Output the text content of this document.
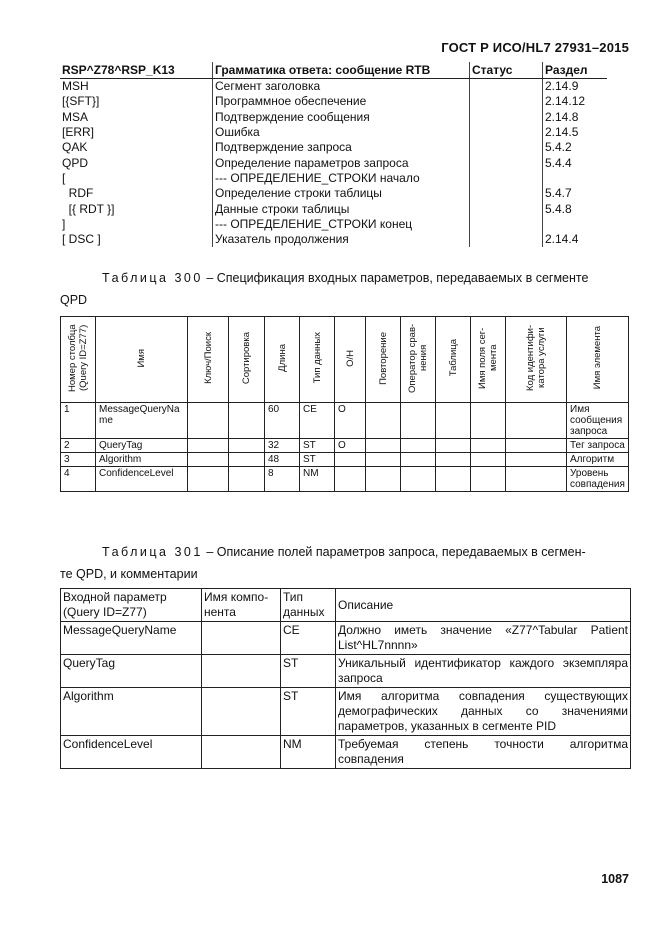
ГОСТ Р ИСО/HL7 27931–2015
RSP^Z78^RSP_K13	Грамматика ответа: сообщение RTB	Статус	Раздел
MSH	Сегмент заголовка		2.14.9
[{SFT}]	Программное обеспечение		2.14.12
MSA	Подтверждение сообщения		2.14.8
[ERR]	Ошибка		2.14.5
QAK	Подтверждение запроса		5.4.2
QPD	Определение параметров запроса		5.4.4
[	--- ОПРЕДЕЛЕНИЕ_СТРОКИ начало		
RDF	Определение строки таблицы		5.4.7
[{ RDT }]	Данные строки таблицы		5.4.8
]	--- ОПРЕДЕЛЕНИЕ_СТРОКИ конец		
[ DSC ]	Указатель продолжения		2.14.4
Таблица 300 – Спецификация входных параметров, передаваемых в сегменте
QPD
Номер столбца (Query ID=Z77)	Имя	Ключ/Поиск	Сортировка	Длина	Тип данных	О/Н	Повторение	Оператор срав-нения	Таблица	Имя поля сег-мента	Код идентифи-катора услуги	Имя элемента
1	MessageQueryName			60	CE	O						Имя сообщения запроса
2	QueryTag			32	ST	O						Тег запроса
3	Algorithm			48	ST							Алгоритм
4	ConfidenceLevel			8	NM							Уровень совпадения
Таблица 301 – Описание полей параметров запроса, передаваемых в сегмен-
те QPD, и комментарии
Входной параметр (Query ID=Z77)	Имя компо-нента	Тип данных	Описание
MessageQueryName		CE	Должно иметь значение «Z77^Tabular Patient List^HL7nnnn»
QueryTag		ST	Уникальный идентификатор каждого экземпляра запроса
Algorithm		ST	Имя алгоритма совпадения существующих демографических данных со значениями параметров, указанных в сегменте PID
ConfidenceLevel		NM	Требуемая степень точности алгоритма совпадения
1087
